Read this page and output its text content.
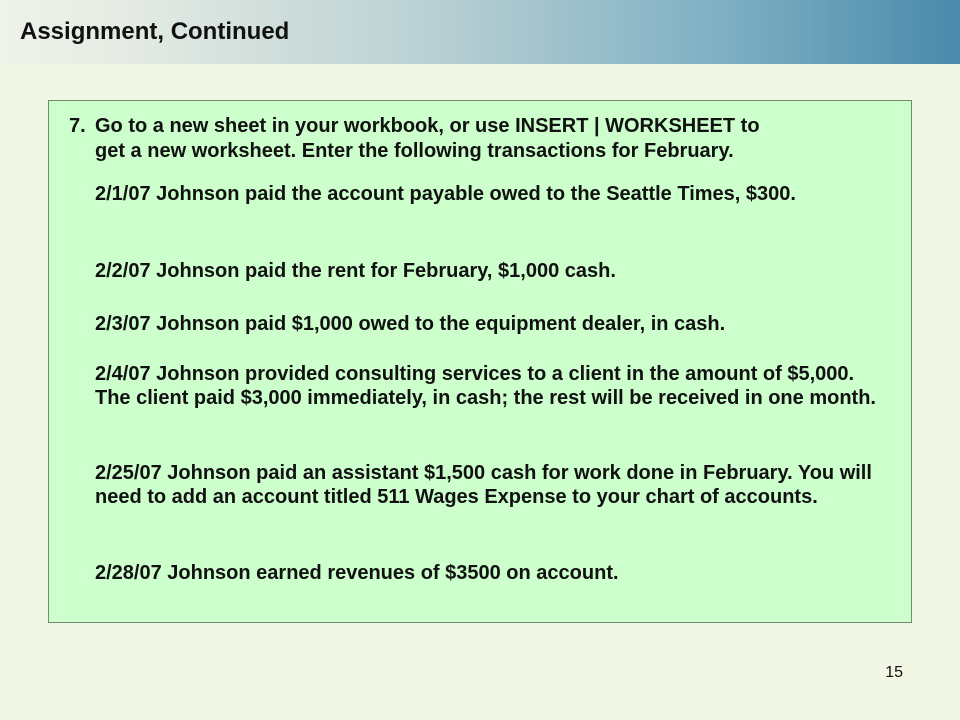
Assignment, Continued
7. Go to a new sheet in your workbook, or use INSERT | WORKSHEET to
get a new worksheet. Enter the following transactions for February.
2/1/07 Johnson paid the account payable owed to the Seattle Times, $300.
2/2/07 Johnson paid the rent for February, $1,000 cash.
2/3/07 Johnson paid $1,000 owed to the equipment dealer, in cash.
2/4/07 Johnson provided consulting services to a client in the amount of $5,000. The client paid $3,000 immediately, in cash; the rest will be received in one month.
2/25/07 Johnson paid an assistant $1,500 cash for work done in February. You will need to add an account titled 511 Wages Expense to your chart of accounts.
2/28/07 Johnson earned revenues of $3500 on account.
15
